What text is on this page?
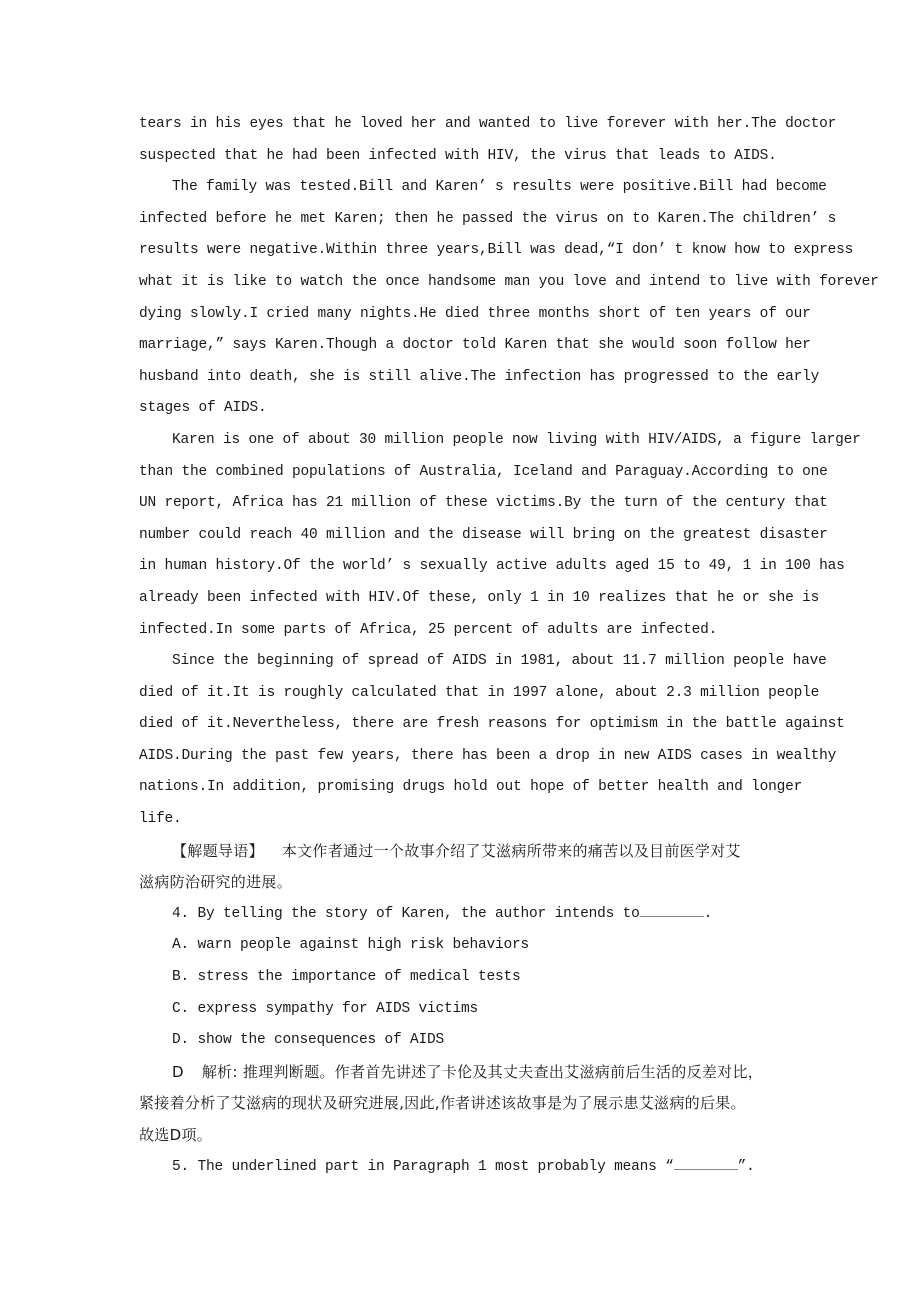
tears in his eyes that he loved her and wanted to live forever with her.The doctor
suspected that he had been infected with HIV, the virus that leads to AIDS.
The family was tested.Bill and Karen’ s results were positive.Bill had become
infected before he met Karen; then he passed the virus on to Karen.The children’ s
results were negative.Within three years,Bill was dead,“I don’ t know how to express
what it is like to watch the once handsome man you love and intend to live with forever
dying slowly.I cried many nights.He died three months short of ten years of our
marriage,” says Karen.Though a doctor told Karen that she would soon follow her
husband into death, she is still alive.The infection has progressed to the early
stages of AIDS.
Karen is one of about 30 million people now living with HIV/AIDS, a figure larger
than the combined populations of Australia, Iceland and Paraguay.According to one
UN report, Africa has 21 million of these victims.By the turn of the century that
number could reach 40 million and the disease will bring on the greatest disaster
in human history.Of the world’ s sexually active adults aged 15 to 49, 1 in 100 has
already been infected with HIV.Of these, only 1 in 10 realizes that he or she is
infected.In some parts of Africa, 25 percent of adults are infected.
Since the beginning of spread of AIDS in 1981, about 11.7 million people have
died of it.It is roughly calculated that in 1997 alone, about 2.3 million people
died of it.Nevertheless, there are fresh reasons for optimism in the battle against
AIDS.During the past few years, there has been a drop in new AIDS cases in wealthy
nations.In addition, promising drugs hold out hope of better health and longer
life.
【解题导语】 本文作者通过一个故事介绍了艾滋病所带来的痛苦以及目前医学对艾
滋病防治研究的进展。
4. By telling the story of Karen, the author intends to	.
A. warn people against high risk behaviors
B. stress the importance of medical tests
C. express sympathy for AIDS victims
D. show the consequences of AIDS
D 解析: 推理判断题。作者首先讲述了卡伦及其丈夫查出艾滋病前后生活的反差对比，
紧接着分析了艾滋病的现状及研究进展,因此,作者讲述该故事是为了展示患艾滋病的后果。
故选D项。
5. The underlined part in Paragraph 1 most probably means “	”.
